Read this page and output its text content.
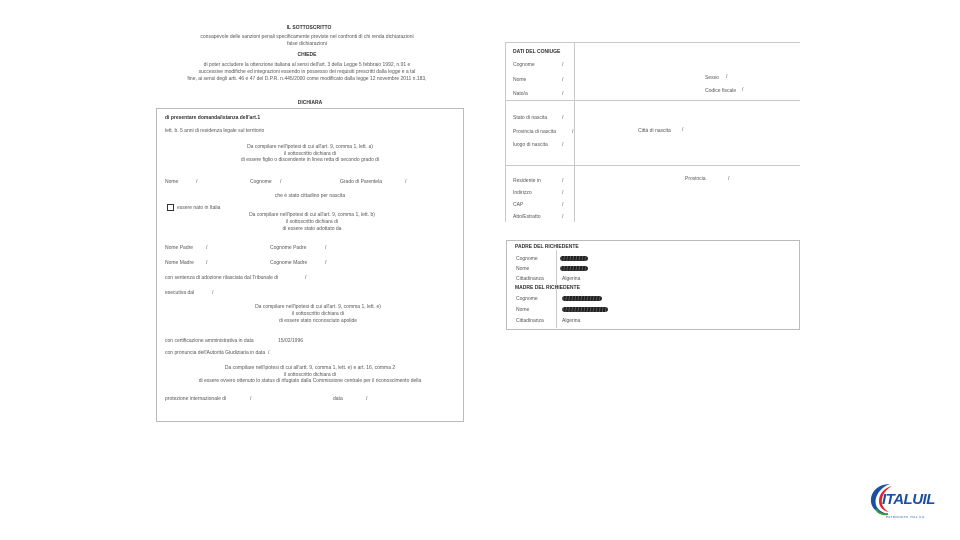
IL SOTTOSCRITTO
consapevole delle sanzioni penali specificamente previste nel confronti di chi renda dichiarazioni
false dichiarazioni
CHIEDE
di poter accludere la ottenzione italiana al sensi dell'art. 3 della Legge 5 febbraio 1992, n.91 e
successive modifiche ed integrazioni essendo in possesso dei requisiti prescritti dalla legge e a tal
fine, ai sensi degli artt. 46 e 47 del D.P.R. n.445/2000 come modificato dalla legge 12 novembre 2011 n.183,
DICHIARA
di presentare domanda/istanza dell'art.1
lett. b. 5 anni di residenza legale sul territorio
Da compilare nell'ipotesi di cui all'art. 9, comma 1, lett. a)
il sottoscritto dichiara di
di essere figlio o discendente in linea retta di secondo grado di
Nome	/	Cognome /	Grado di Parentela	/
che è stato cittadino per nascita
essere nato in Italia
Da compilare nell'ipotesi di cui all'art. 9, comma 1, lett. b)
il sottoscritto dichiara di
di essere stato adottato da
Nome Padre	/	Cognome Padre	/
Nome Madre /	Cognome Madre	/
con sentenza di adozione rilasciata dal Tribunale di	/
esecutiva dal	/
Da compilare nell'ipotesi di cui all'art. 9, comma 1, lett. e)
il sottoscritto dichiara di
di essere stato riconosciuto apolide
con certificazione amministrativa in data	15/02/1996
con pronuncia dell'Autorità Giudiziaria in data /
Da compilare nell'ipotesi di cui all'artt. 9, comma 1, lett. e) e art. 16, comma 2
il sottoscritto dichiara di
di essere ovvero ottenuto lo status di rifugiato dalla Commissione centrale per il riconoscimento della
protezione internazionale di	/	data	/
DATI DEL CONIUGE
Cognome	/
Nome	/	Sesso /
Nato/a	/	Codice fiscale /
Stato di nascita	/
Provincia di nascita	/	Città di nascita /
luogo di nascita	/
Residente in	/	Provincia	/
Indirizzo	/
CAP	/
Atto/Estratto	/
PADRE DEL RICHIEDENTE
Cognome
Nome
Cittadinanza	Algerina
MADRE DEL RICHIEDENTE
Cognome
Nome
Cittadinanza	Algerina
ITALUIL
PATRONATO ITAL UIL
